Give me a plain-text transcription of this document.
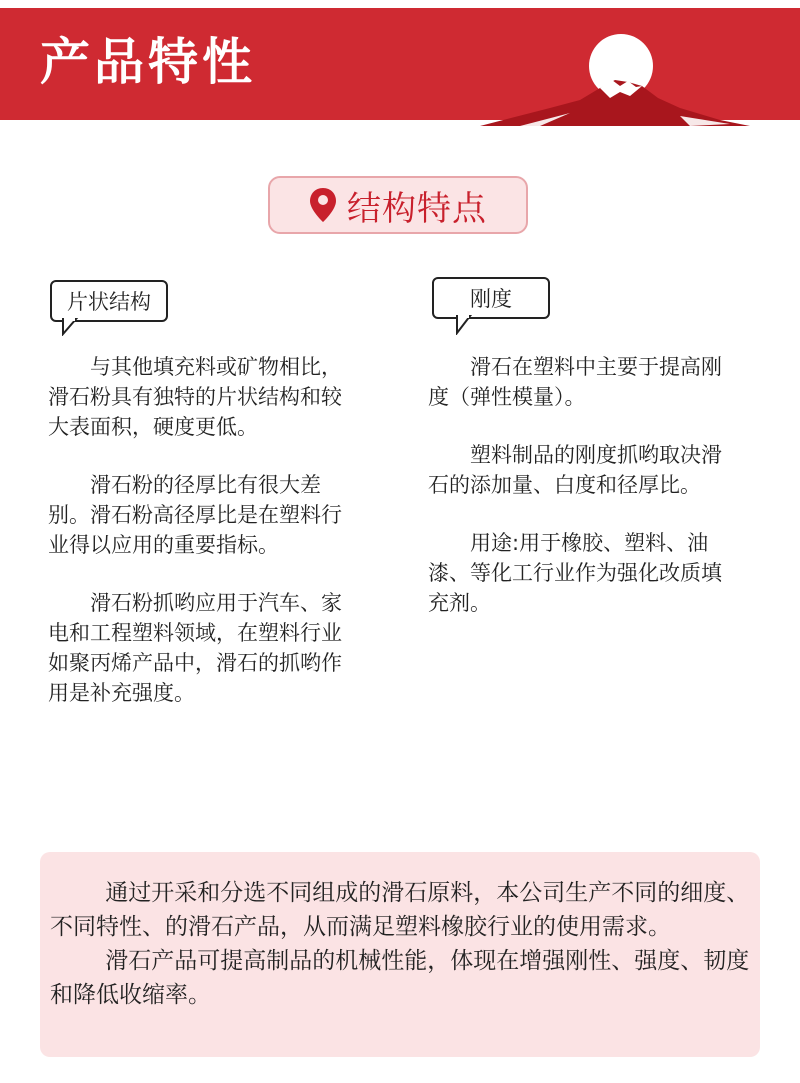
产品特性
结构特点
片状结构	刚度

与其他填充料或矿物相比，滑石粉具有独特的片状结构和较大表面积，硬度更低。

滑石粉的径厚比有很大差别。滑石粉高径厚比是在塑料行业得以应用的重要指标。

滑石粉抓哟应用于汽车、家电和工程塑料领域，在塑料行业如聚丙烯产品中，滑石的抓哟作用是补充强度。

滑石在塑料中主要于提高刚度（弹性模量）。

塑料制品的刚度抓哟取决滑石的添加量、白度和径厚比。

用途:用于橡胶、塑料、油漆、等化工行业作为强化改质填充剂。

通过开采和分选不同组成的滑石原料，本公司生产不同的细度、不同特性、的滑石产品，从而满足塑料橡胶行业的使用需求。

滑石产品可提高制品的机械性能，体现在增强刚性、强度、韧度和降低收缩率。
